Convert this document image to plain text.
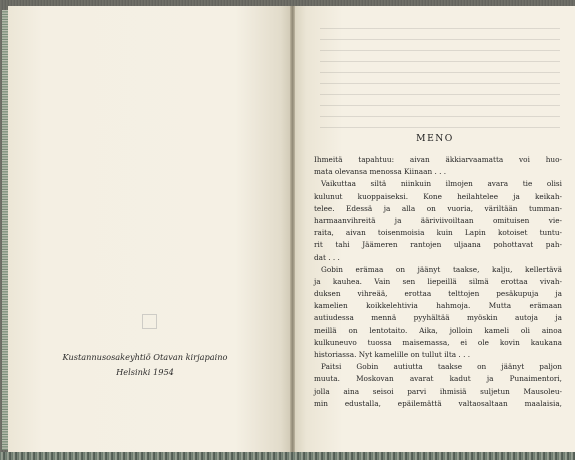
Kustannusosakeyhtiö Otavan kirjapaino
Helsinki 1954
MENO
Ihmeitä tapahtuu: aivan äkkiarvaamatta voi huo-
mata olevansa menossa Kiinaan . . .
Vaikuttaa siltä niinkuin ilmojen avara tie olisi
kulunut kuoppaiseksi. Kone heilahtelee ja keikah-
telee. Edessä ja alla on vuoria, väriltään tumman-
harmaanvihreitä ja ääriviivoiltaan omituisen vie-
raita, aivan toisenmoisia kuin Lapin kotoiset tuntu-
rit tahi Jäämeren rantojen uljaana pohottavat pah-
dat . . .
Gobin erämaa on jäänyt taakse, kalju, kellertävä
ja kauhea. Vain sen liepeillä silmä erottaa vivah-
duksen vihreää, erottaa telttojen pesäkupuja ja
kamelien koikkelehtivia hahmoja. Mutta erämaan
autiudessa mennä pyyhältää myöskin autoja ja
meillä on lentotaito. Aika, jolloin kameli oli ainoa
kulkuneuvo tuossa maisemassa, ei ole kovin kaukana
historiassa. Nyt kamelille on tullut ilta . . .
Paitsi Gobin autiutta taakse on jäänyt paljon
muuta. Moskovan avarat kadut ja Punaimentori,
jolla aina seisoi parvi ihmisiä suljetun Mausoleu-
min edustalla, epäilemättä valtaosaltaan maalaisia,
